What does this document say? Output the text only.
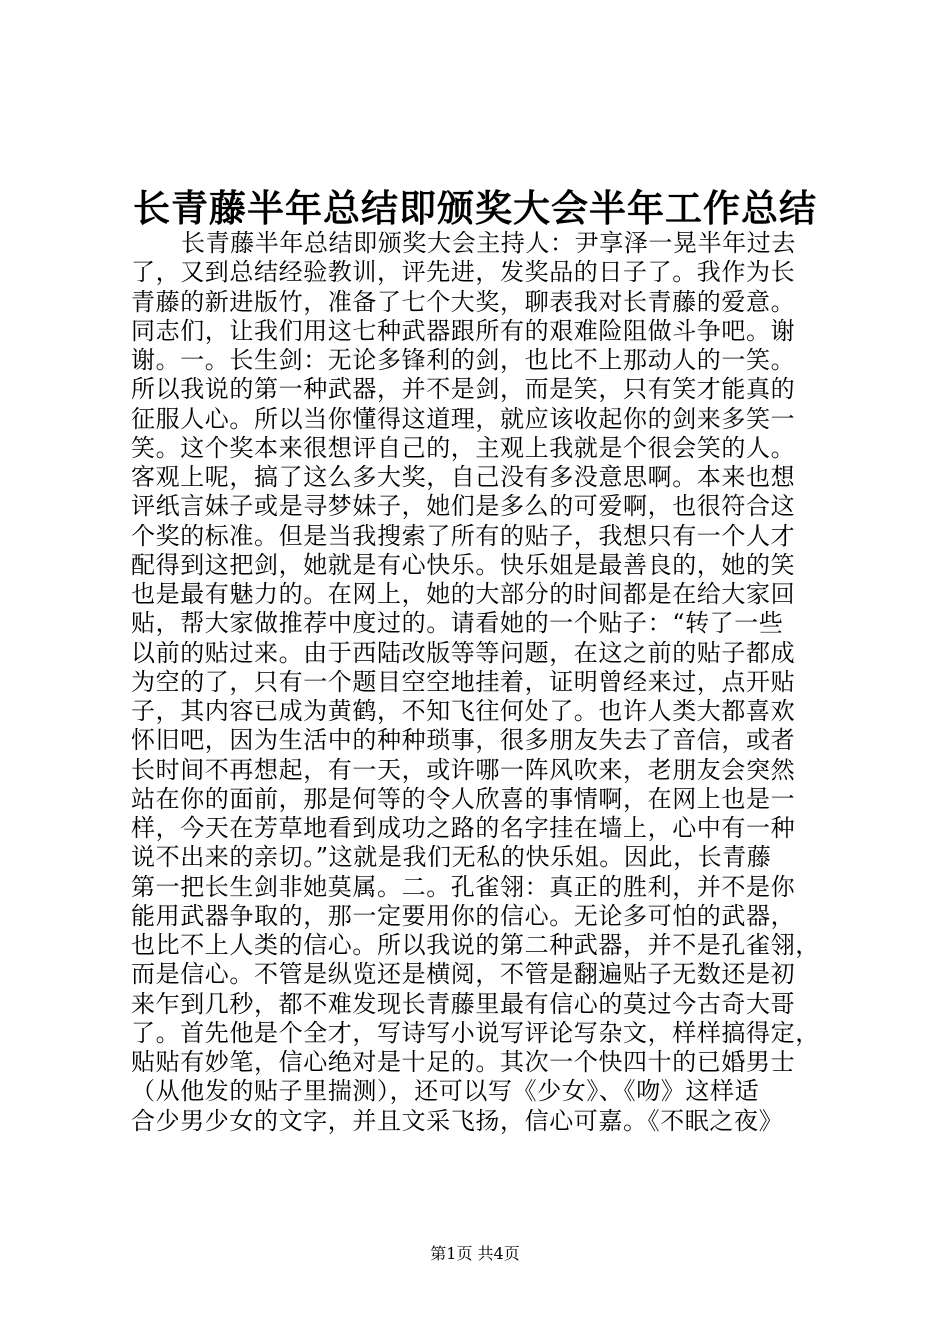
长青藤半年总结即颁奖大会半年工作总结
长青藤半年总结即颁奖大会主持人：尹享泽一晃半年过去
了，又到总结经验教训，评先进，发奖品的日子了。我作为长
青藤的新进版竹，准备了七个大奖，聊表我对长青藤的爱意。
同志们，让我们用这七种武器跟所有的艰难险阻做斗争吧。谢
谢。一。长生剑：无论多锋利的剑，也比不上那动人的一笑。
所以我说的第一种武器，并不是剑，而是笑，只有笑才能真的
征服人心。所以当你懂得这道理，就应该收起你的剑来多笑一
笑。这个奖本来很想评自己的，主观上我就是个很会笑的人。
客观上呢，搞了这么多大奖，自己没有多没意思啊。本来也想
评纸言妹子或是寻梦妹子，她们是多么的可爱啊，也很符合这
个奖的标准。但是当我搜索了所有的贴子，我想只有一个人才
配得到这把剑，她就是有心快乐。快乐姐是最善良的，她的笑
也是最有魅力的。在网上，她的大部分的时间都是在给大家回
贴，帮大家做推荐中度过的。请看她的一个贴子：“转了一些
以前的贴过来。由于西陆改版等等问题，在这之前的贴子都成
为空的了，只有一个题目空空地挂着，证明曾经来过，点开贴
子，其内容已成为黄鹤，不知飞往何处了。也许人类大都喜欢
怀旧吧，因为生活中的种种琐事，很多朋友失去了音信，或者
长时间不再想起，有一天，或许哪一阵风吹来，老朋友会突然
站在你的面前，那是何等的令人欣喜的事情啊，在网上也是一
样，今天在芳草地看到成功之路的名字挂在墙上，心中有一种
说不出来的亲切。”这就是我们无私的快乐姐。因此，长青藤
第一把长生剑非她莫属。二。孔雀翎：真正的胜利，并不是你
能用武器争取的，那一定要用你的信心。无论多可怕的武器，
也比不上人类的信心。所以我说的第二种武器，并不是孔雀翎，
而是信心。不管是纵览还是横阅，不管是翻遍贴子无数还是初
来乍到几秒，都不难发现长青藤里最有信心的莫过今古奇大哥
了。首先他是个全才，写诗写小说写评论写杂文，样样搞得定，
贴贴有妙笔，信心绝对是十足的。其次一个快四十的已婚男士
（从他发的贴子里揣测），还可以写《少女》、《吻》这样适
合少男少女的文字，并且文采飞扬，信心可嘉。《不眠之夜》
第1页 共4页
